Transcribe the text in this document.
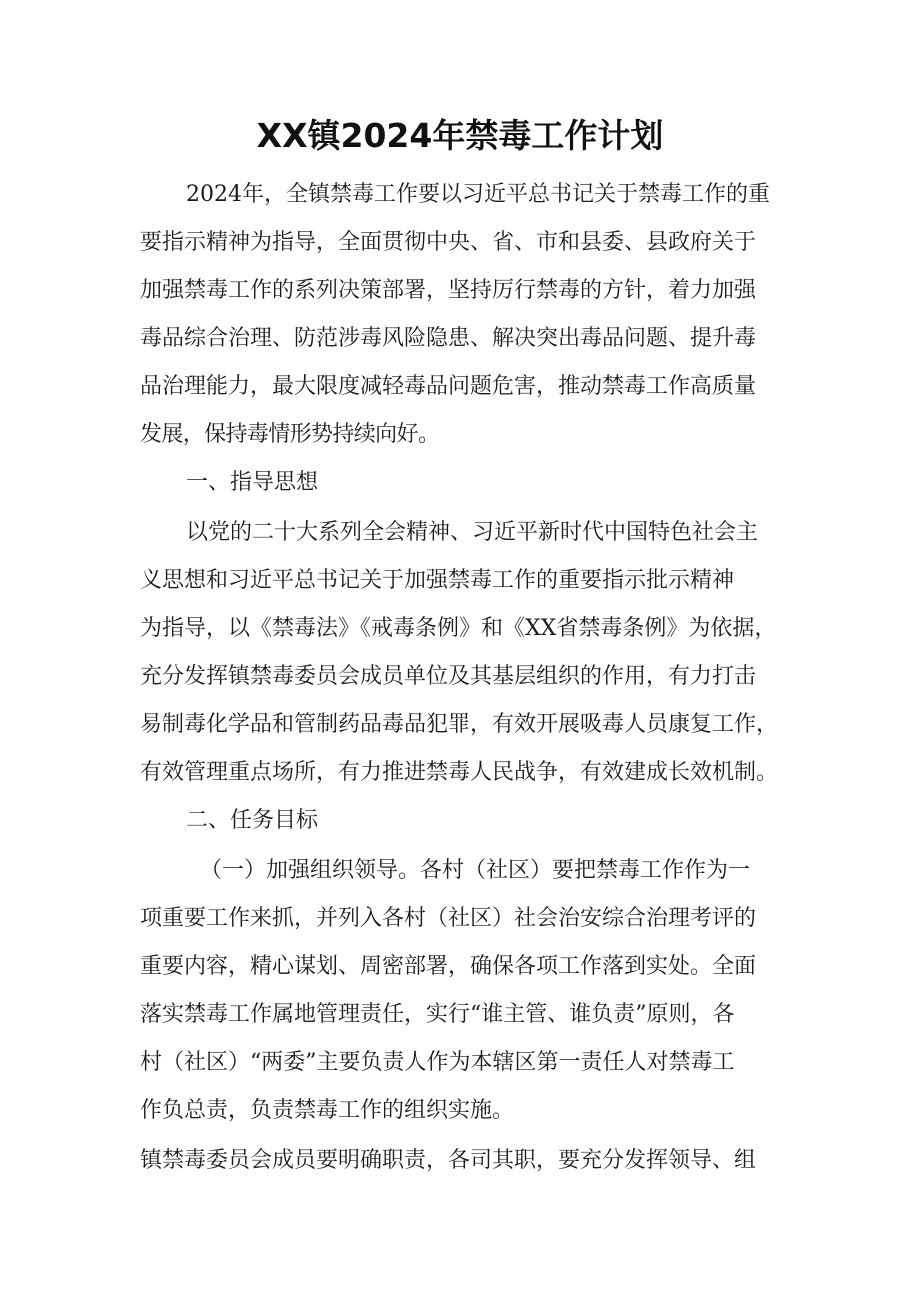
XX镇2024年禁毒工作计划
2024年，全镇禁毒工作要以习近平总书记关于禁毒工作的重
要指示精神为指导，全面贯彻中央、省、市和县委、县政府关于
加强禁毒工作的系列决策部署，坚持厉行禁毒的方针，着力加强
毒品综合治理、防范涉毒风险隐患、解决突出毒品问题、提升毒
品治理能力，最大限度减轻毒品问题危害，推动禁毒工作高质量
发展，保持毒情形势持续向好。
一、指导思想
以党的二十大系列全会精神、习近平新时代中国特色社会主
义思想和习近平总书记关于加强禁毒工作的重要指示批示精神
为指导，以《禁毒法》《戒毒条例》和《XX省禁毒条例》为依据，
充分发挥镇禁毒委员会成员单位及其基层组织的作用，有力打击
易制毒化学品和管制药品毒品犯罪，有效开展吸毒人员康复工作，
有效管理重点场所，有力推进禁毒人民战争，有效建成长效机制。
二、任务目标
（一）加强组织领导。各村（社区）要把禁毒工作作为一
项重要工作来抓，并列入各村（社区）社会治安综合治理考评的
重要内容，精心谋划、周密部署，确保各项工作落到实处。全面
落实禁毒工作属地管理责任，实行“谁主管、谁负责”原则，各
村（社区）“两委”主要负责人作为本辖区第一责任人对禁毒工
作负总责，负责禁毒工作的组织实施。
镇禁毒委员会成员要明确职责，各司其职，要充分发挥领导、组
